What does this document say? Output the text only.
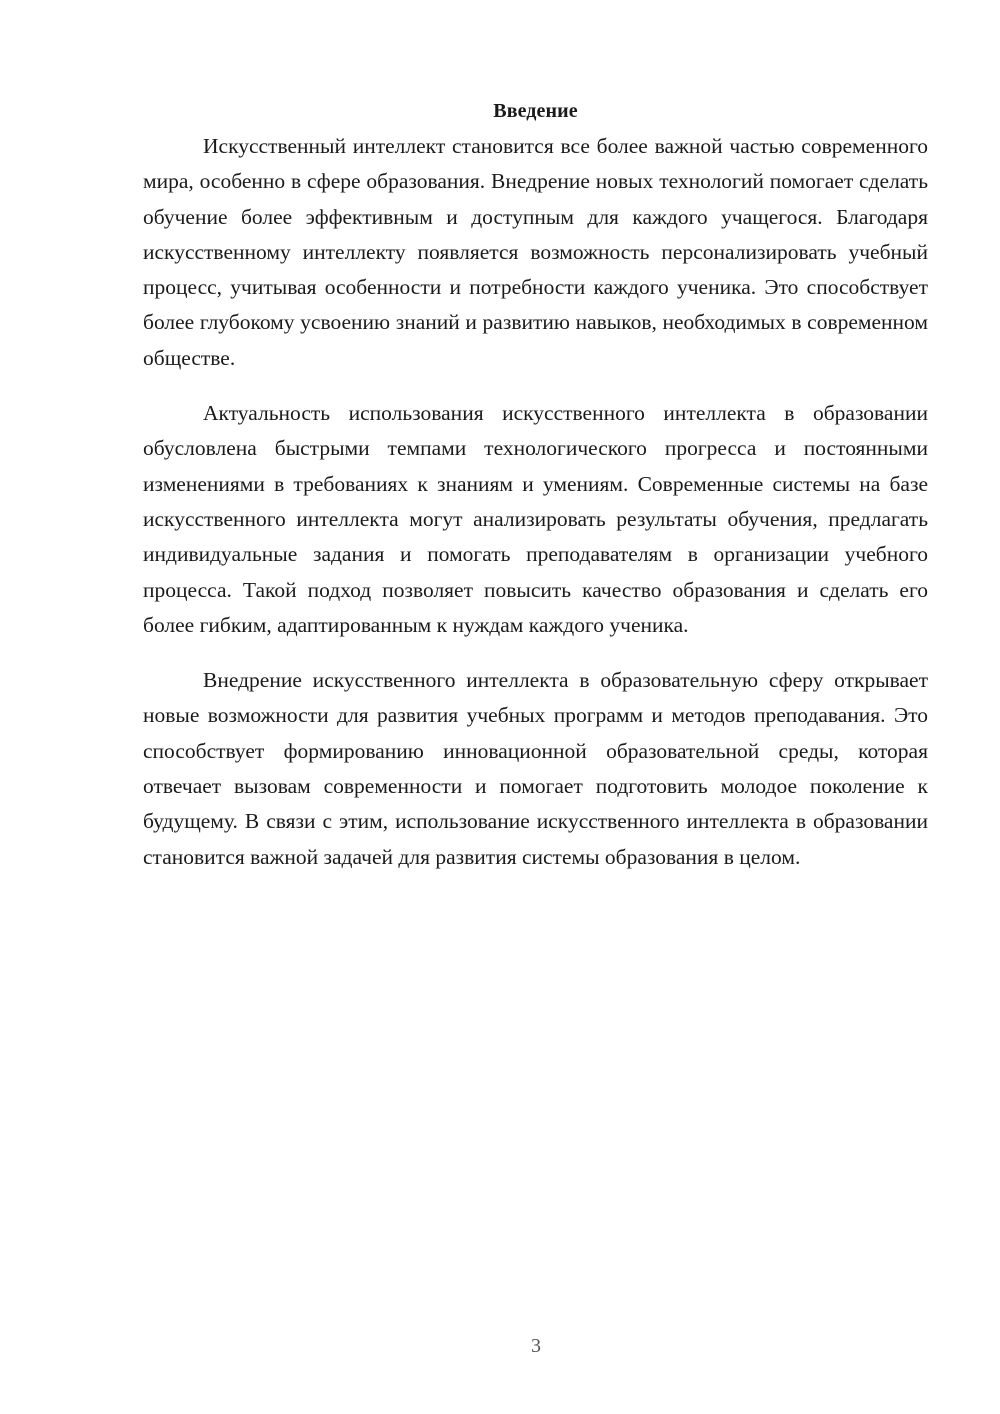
Введение

Искусственный интеллект становится все более важной частью современного мира, особенно в сфере образования. Внедрение новых технологий помогает сделать обучение более эффективным и доступным для каждого учащегося. Благодаря искусственному интеллекту появляется возможность персонализировать учебный процесс, учитывая особенности и потребности каждого ученика. Это способствует более глубокому усвоению знаний и развитию навыков, необходимых в современном обществе.

Актуальность использования искусственного интеллекта в образовании обусловлена быстрыми темпами технологического прогресса и постоянными изменениями в требованиях к знаниям и умениям. Современные системы на базе искусственного интеллекта могут анализировать результаты обучения, предлагать индивидуальные задания и помогать преподавателям в организации учебного процесса. Такой подход позволяет повысить качество образования и сделать его более гибким, адаптированным к нуждам каждого ученика.

Внедрение искусственного интеллекта в образовательную сферу открывает новые возможности для развития учебных программ и методов преподавания. Это способствует формированию инновационной образовательной среды, которая отвечает вызовам современности и помогает подготовить молодое поколение к будущему. В связи с этим, использование искусственного интеллекта в образовании становится важной задачей для развития системы образования в целом.

3
